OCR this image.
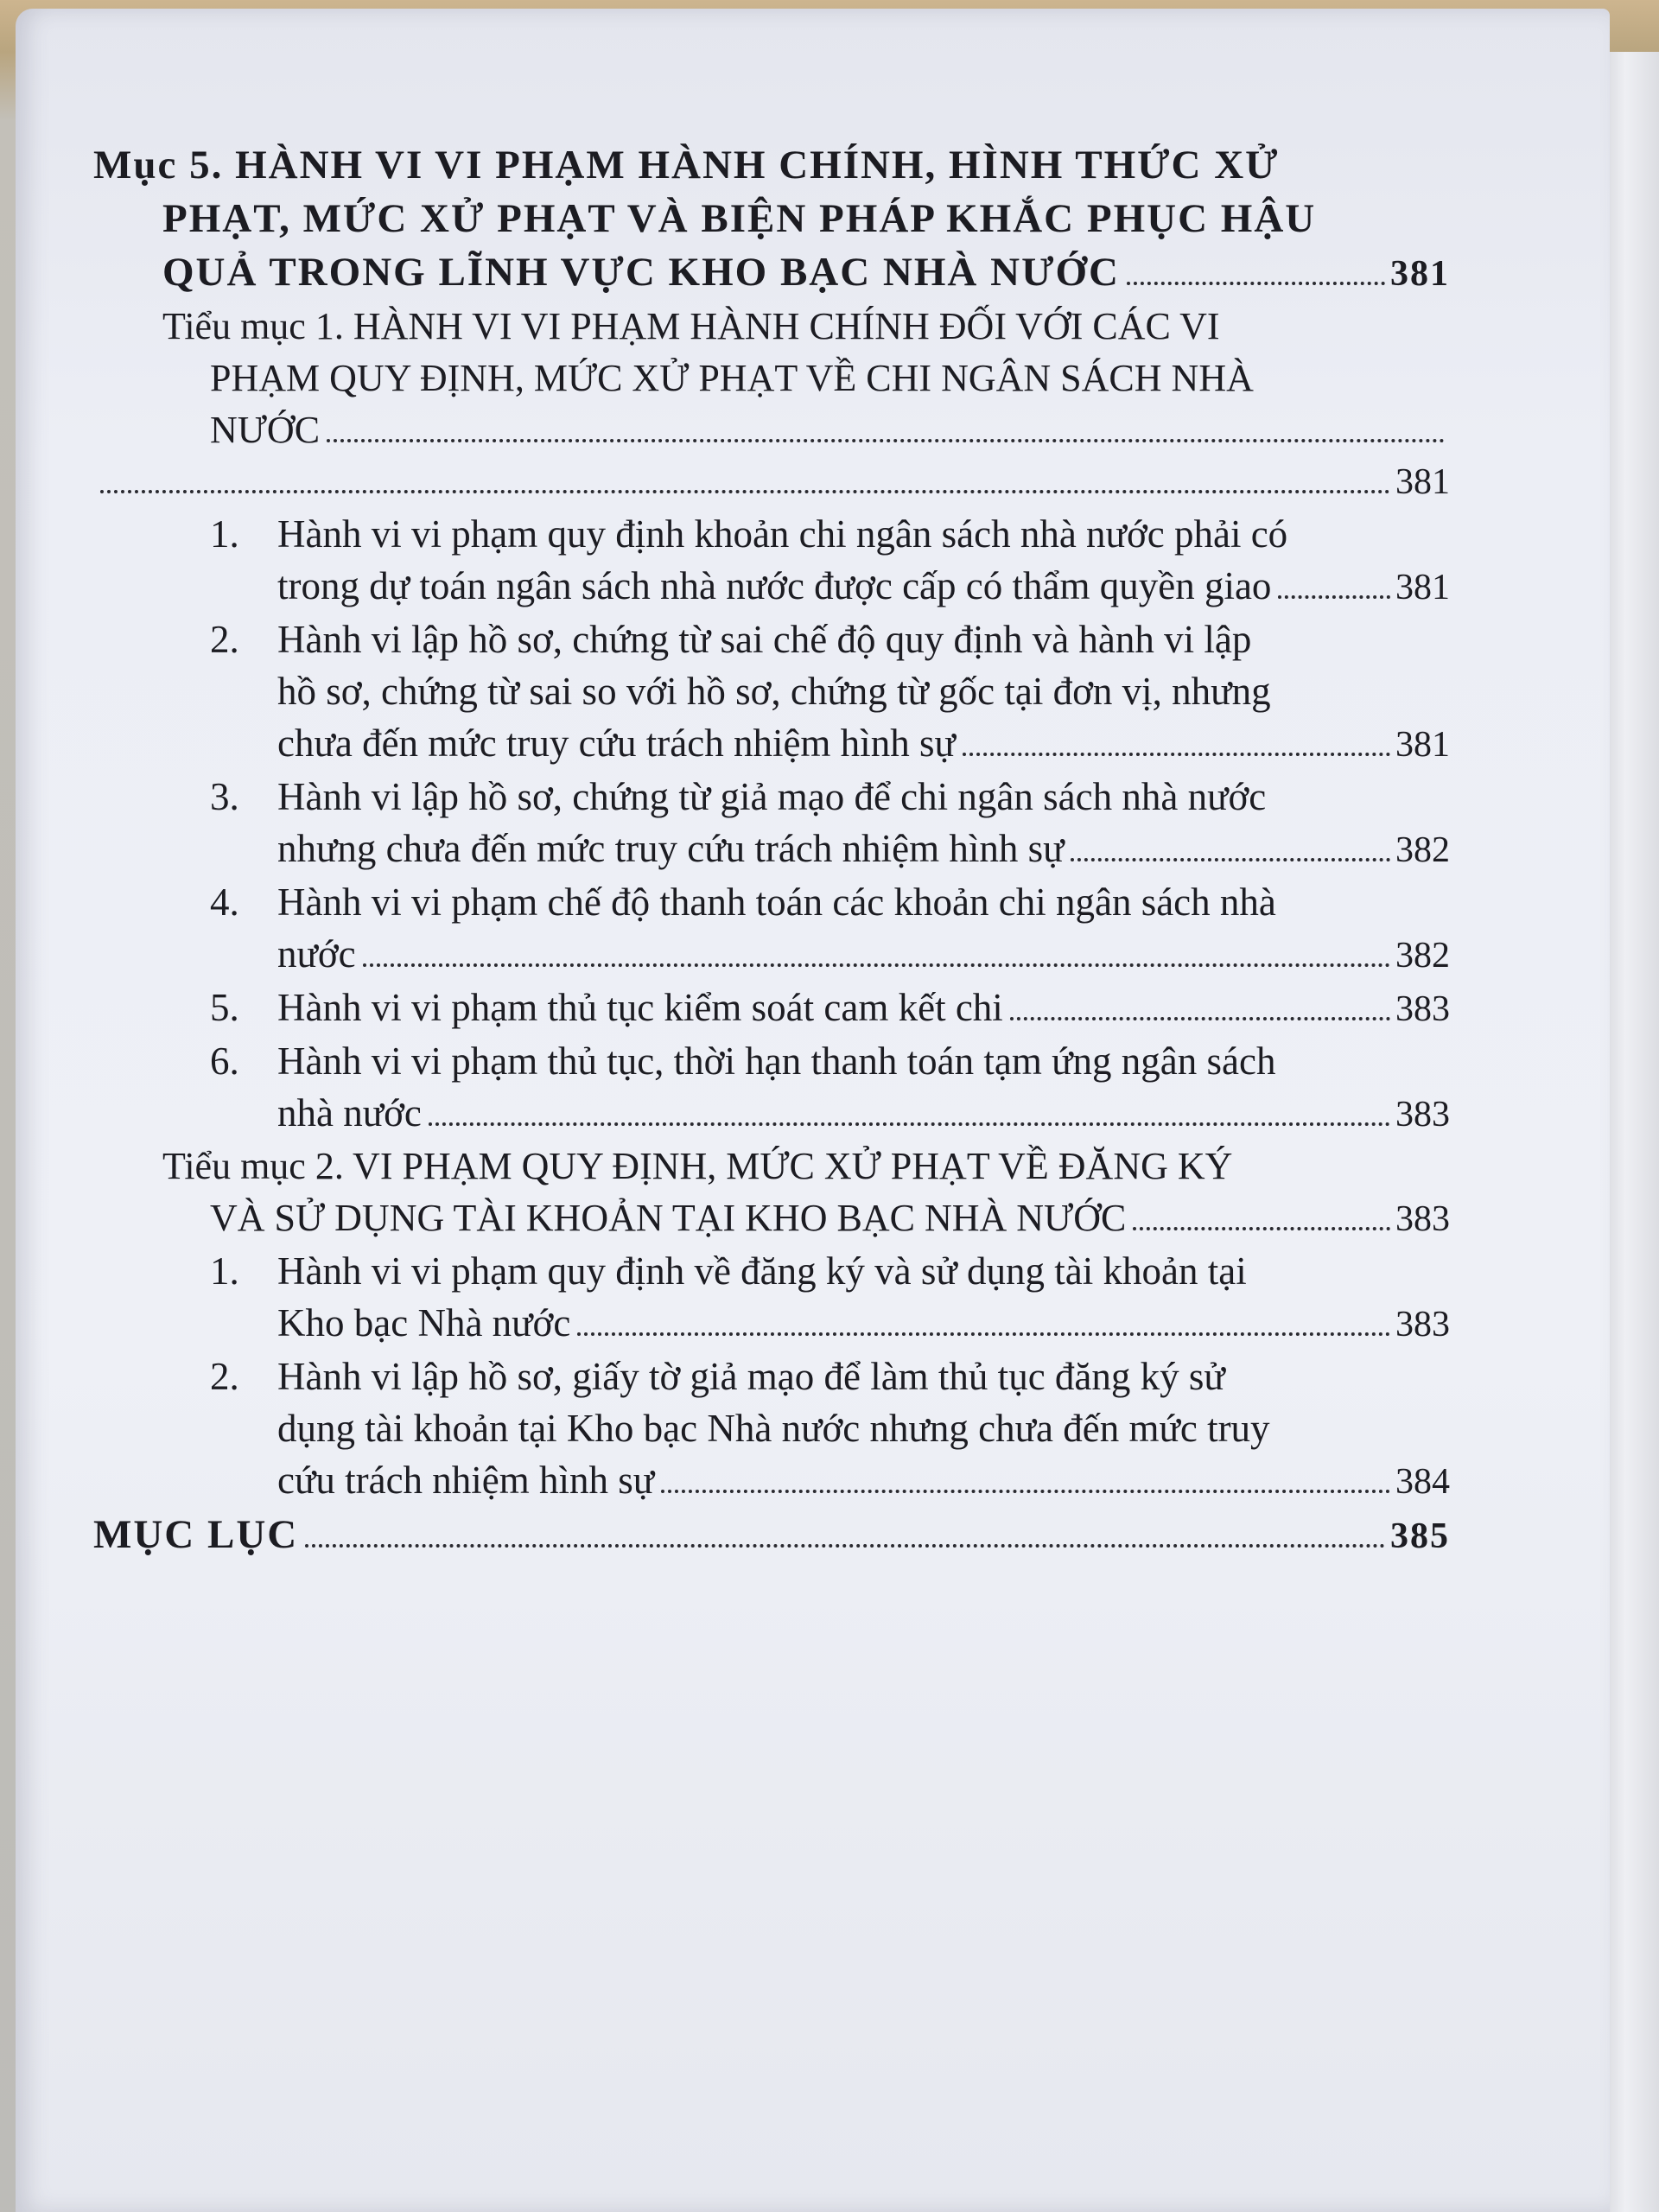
Mục 5. HÀNH VI VI PHẠM HÀNH CHÍNH, HÌNH THỨC XỬ
PHẠT, MỨC XỬ PHẠT VÀ BIỆN PHÁP KHẮC PHỤC HẬU
QUẢ TRONG LĨNH VỰC KHO BẠC NHÀ NƯỚC	381
Tiểu mục 1. HÀNH VI VI PHẠM HÀNH CHÍNH ĐỐI VỚI CÁC VI
PHẠM QUY ĐỊNH, MỨC XỬ PHẠT VỀ CHI NGÂN SÁCH NHÀ
NƯỚC
381
1. Hành vi vi phạm quy định khoản chi ngân sách nhà nước phải có
trong dự toán ngân sách nhà nước được cấp có thẩm quyền giao	381
2. Hành vi lập hồ sơ, chứng từ sai chế độ quy định và hành vi lập
hồ sơ, chứng từ sai so với hồ sơ, chứng từ gốc tại đơn vị, nhưng
chưa đến mức truy cứu trách nhiệm hình sự	381
3. Hành vi lập hồ sơ, chứng từ giả mạo để chi ngân sách nhà nước
nhưng chưa đến mức truy cứu trách nhiệm hình sự	382
4. Hành vi vi phạm chế độ thanh toán các khoản chi ngân sách nhà
nước	382
5. Hành vi vi phạm thủ tục kiểm soát cam kết chi	383
6. Hành vi vi phạm thủ tục, thời hạn thanh toán tạm ứng ngân sách
nhà nước	383
Tiểu mục 2. VI PHẠM QUY ĐỊNH, MỨC XỬ PHẠT VỀ ĐĂNG KÝ
VÀ SỬ DỤNG TÀI KHOẢN TẠI KHO BẠC NHÀ NƯỚC	383
1. Hành vi vi phạm quy định về đăng ký và sử dụng tài khoản tại
Kho bạc Nhà nước	383
2. Hành vi lập hồ sơ, giấy tờ giả mạo để làm thủ tục đăng ký sử
dụng tài khoản tại Kho bạc Nhà nước nhưng chưa đến mức truy
cứu trách nhiệm hình sự	384
MỤC LỤC	385
